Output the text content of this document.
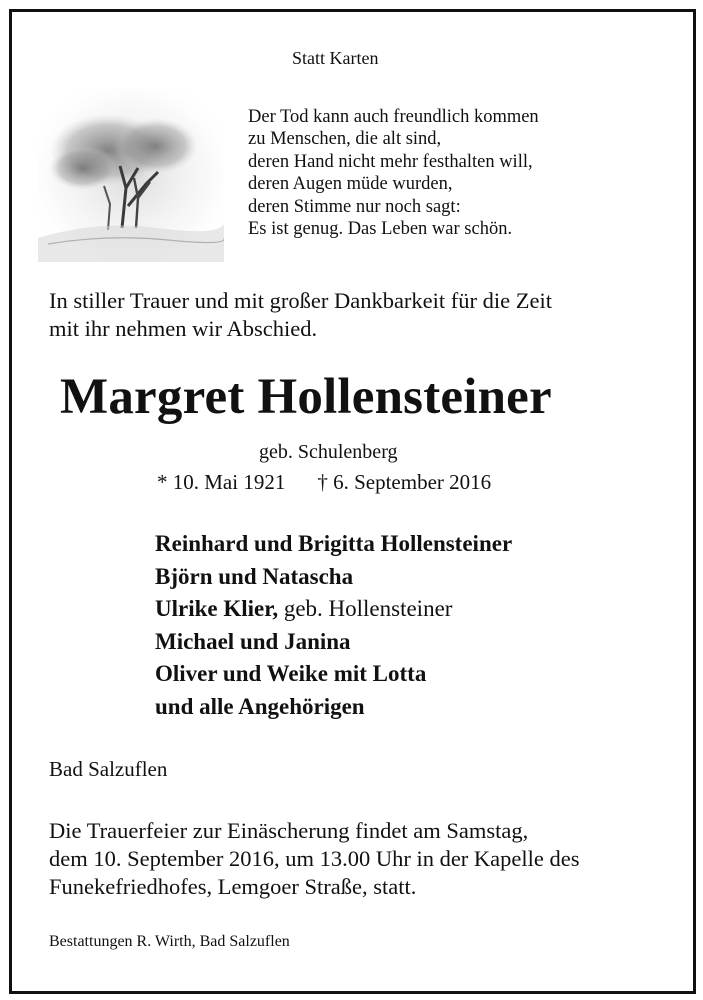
Statt Karten
Der Tod kann auch freundlich kommen
zu Menschen, die alt sind,
deren Hand nicht mehr festhalten will,
deren Augen müde wurden,
deren Stimme nur noch sagt:
Es ist genug. Das Leben war schön.
In stiller Trauer und mit großer Dankbarkeit für die Zeit
mit ihr nehmen wir Abschied.
Margret Hollensteiner
geb. Schulenberg
* 10. Mai 1921 † 6. September 2016
Reinhard und Brigitta Hollensteiner
Björn und Natascha
Ulrike Klier, geb. Hollensteiner
Michael und Janina
Oliver und Weike mit Lotta
und alle Angehörigen
Bad Salzuflen
Die Trauerfeier zur Einäscherung findet am Samstag,
dem 10. September 2016, um 13.00 Uhr in der Kapelle des
Funekefriedhofes, Lemgoer Straße, statt.
Bestattungen R. Wirth, Bad Salzuflen
